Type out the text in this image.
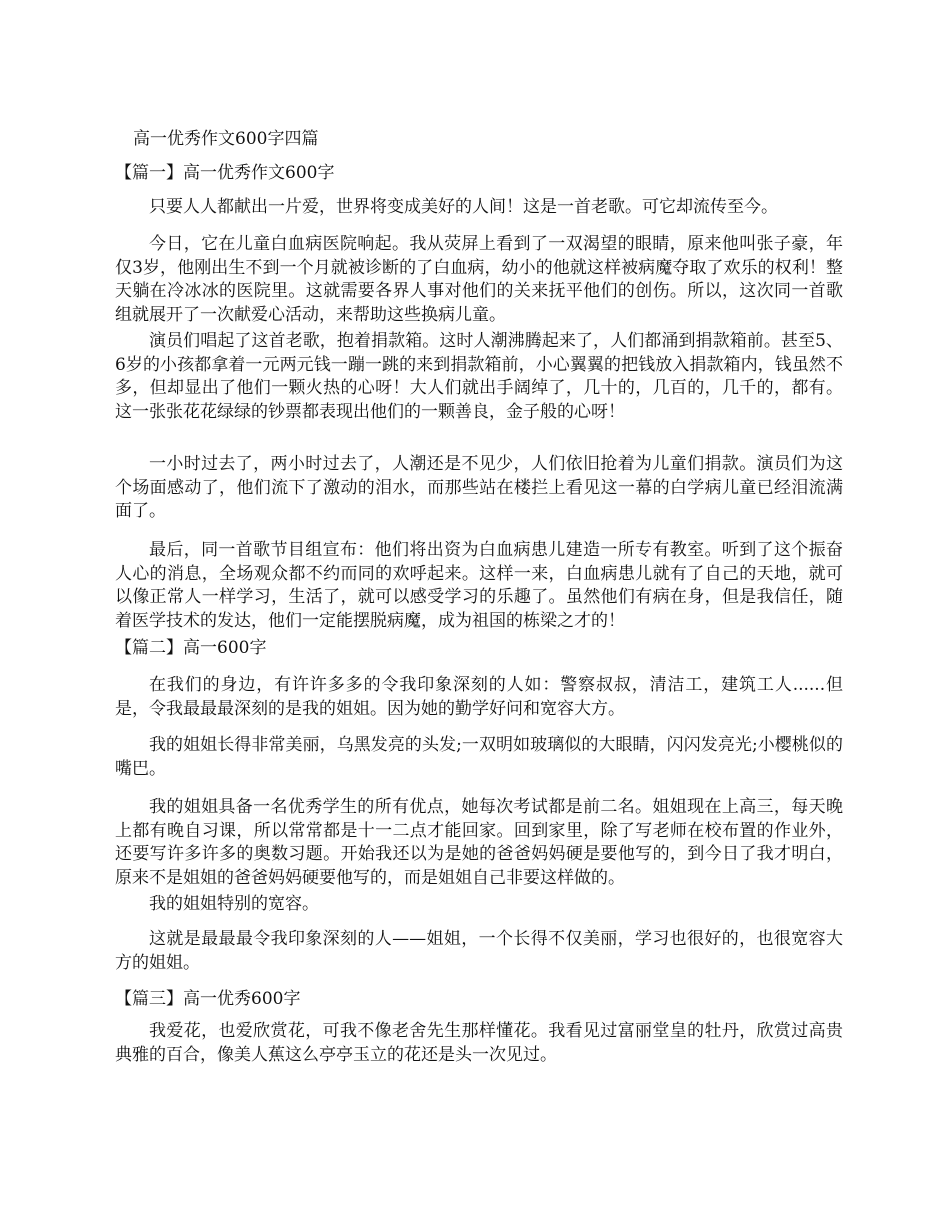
高一优秀作文600字四篇
【篇一】高一优秀作文600字

只要人人都献出一片爱，世界将变成美好的人间！这是一首老歌。可它却流传至今。

今日，它在儿童白血病医院响起。我从荧屏上看到了一双渴望的眼睛，原来他叫张子豪，年仅3岁，他刚出生不到一个月就被诊断的了白血病，幼小的他就这样被病魔夺取了欢乐的权利！整天躺在冷冰冰的医院里。这就需要各界人事对他们的关来抚平他们的创伤。所以，这次同一首歌组就展开了一次献爱心活动，来帮助这些换病儿童。

演员们唱起了这首老歌，抱着捐款箱。这时人潮沸腾起来了，人们都涌到捐款箱前。甚至5、6岁的小孩都拿着一元两元钱一蹦一跳的来到捐款箱前，小心翼翼的把钱放入捐款箱内，钱虽然不多，但却显出了他们一颗火热的心呀！大人们就出手阔绰了，几十的，几百的，几千的，都有。这一张张花花绿绿的钞票都表现出他们的一颗善良，金子般的心呀！

一小时过去了，两小时过去了，人潮还是不见少，人们依旧抢着为儿童们捐款。演员们为这个场面感动了，他们流下了激动的泪水，而那些站在楼拦上看见这一幕的白学病儿童已经泪流满面了。

最后，同一首歌节目组宣布：他们将出资为白血病患儿建造一所专有教室。听到了这个振奋人心的消息，全场观众都不约而同的欢呼起来。这样一来，白血病患儿就有了自己的天地，就可以像正常人一样学习，生活了，就可以感受学习的乐趣了。虽然他们有病在身，但是我信任，随着医学技术的发达，他们一定能摆脱病魔，成为祖国的栋梁之才的！

【篇二】高一600字

在我们的身边，有许许多多的令我印象深刻的人如：警察叔叔，清洁工，建筑工人......但是，令我最最最深刻的是我的姐姐。因为她的勤学好问和宽容大方。

我的姐姐长得非常美丽，乌黑发亮的头发;一双明如玻璃似的大眼睛，闪闪发亮光;小樱桃似的嘴巴。

我的姐姐具备一名优秀学生的所有优点，她每次考试都是前二名。姐姐现在上高三，每天晚上都有晚自习课，所以常常都是十一二点才能回家。回到家里，除了写老师在校布置的作业外，还要写许多许多的奥数习题。开始我还以为是她的爸爸妈妈硬是要他写的，到今日了我才明白，原来不是姐姐的爸爸妈妈硬要他写的，而是姐姐自己非要这样做的。

我的姐姐特别的宽容。

这就是最最最令我印象深刻的人——姐姐，一个长得不仅美丽，学习也很好的，也很宽容大方的姐姐。

【篇三】高一优秀600字

我爱花，也爱欣赏花，可我不像老舍先生那样懂花。我看见过富丽堂皇的牡丹，欣赏过高贵典雅的百合，像美人蕉这么亭亭玉立的花还是头一次见过。
